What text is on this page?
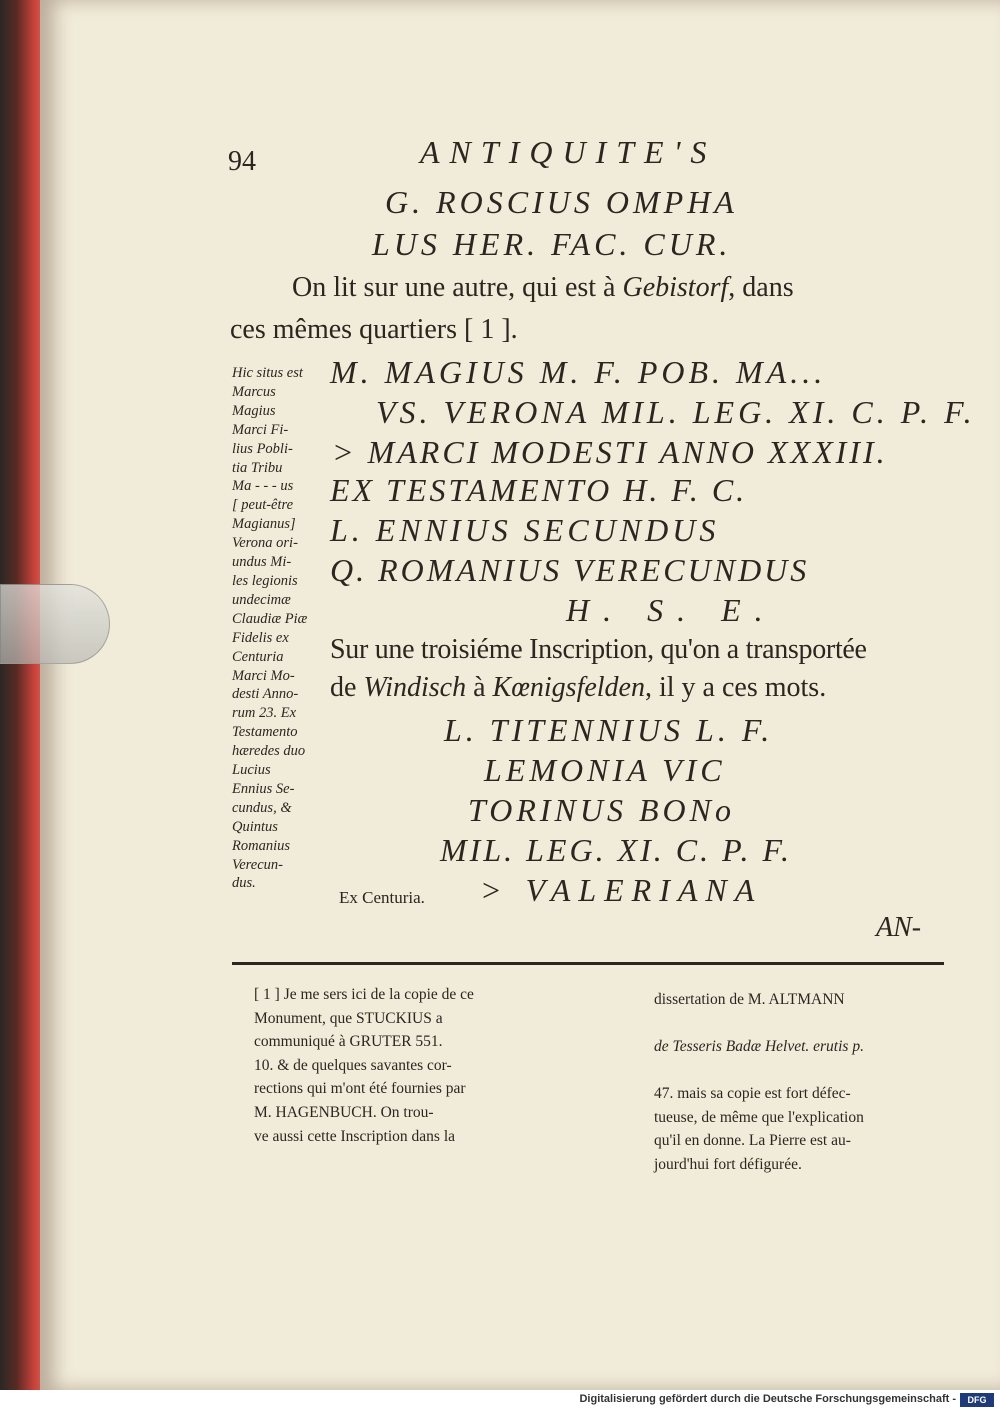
94	ANTIQUITE'S
G. ROSCIUS OMPHA
LUS HER. FAC. CUR.
On lit sur une autre, qui est à Gebistorf, dans
ces mêmes quartiers [ 1 ].
Hic situs est
Marcus
Magius
Marci Fi-
lius Pobli-
tia Tribu
Ma - - - us
[ peut-être
Magianus]
Verona ori-
undus Mi-
les legionis
undecimæ
Claudiæ Piæ
Fidelis ex
Centuria
Marci Mo-
desti Anno-
rum 23. Ex
Testamento
hæredes duo
Lucius
Ennius Se-
cundus, &
Quintus
Romanius
Verecun-
dus.
M. MAGIUS M. F. POB. MA...
VS. VERONA MIL. LEG. XI. C. P. F.
> MARCI MODESTI ANNO XXXIII.
EX TESTAMENTO H. F. C.
L. ENNIUS SECUNDUS
Q. ROMANIUS VERECUNDUS
H. S. E.
Sur une troisiéme Inscription, qu'on a transportée
de Windisch à Kœnigsfelden, il y a ces mots.
L. TITENNIUS L. F.
LEMONIA VIC
TORINUS BONo
MIL. LEG. XI. C. P. F.
> VALERIANA
Ex Centuria.
AN-
[ 1 ] Je me sers ici de la copie de ce
Monument, que STUCKIUS a
communiqué à GRUTER 551.
10. & de quelques savantes cor-
rections qui m'ont été fournies par
M. HAGENBUCH. On trou-
ve aussi cette Inscription dans la

dissertation de M. ALTMANN

de Tesseris Badæ Helvet. erutis p.

47. mais sa copie est fort défec-
tueuse, de même que l'explication
qu'il en donne. La Pierre est au-
jourd'hui fort défigurée.

Digitalisierung gefördert durch die Deutsche Forschungsgemeinschaft -	DFG
